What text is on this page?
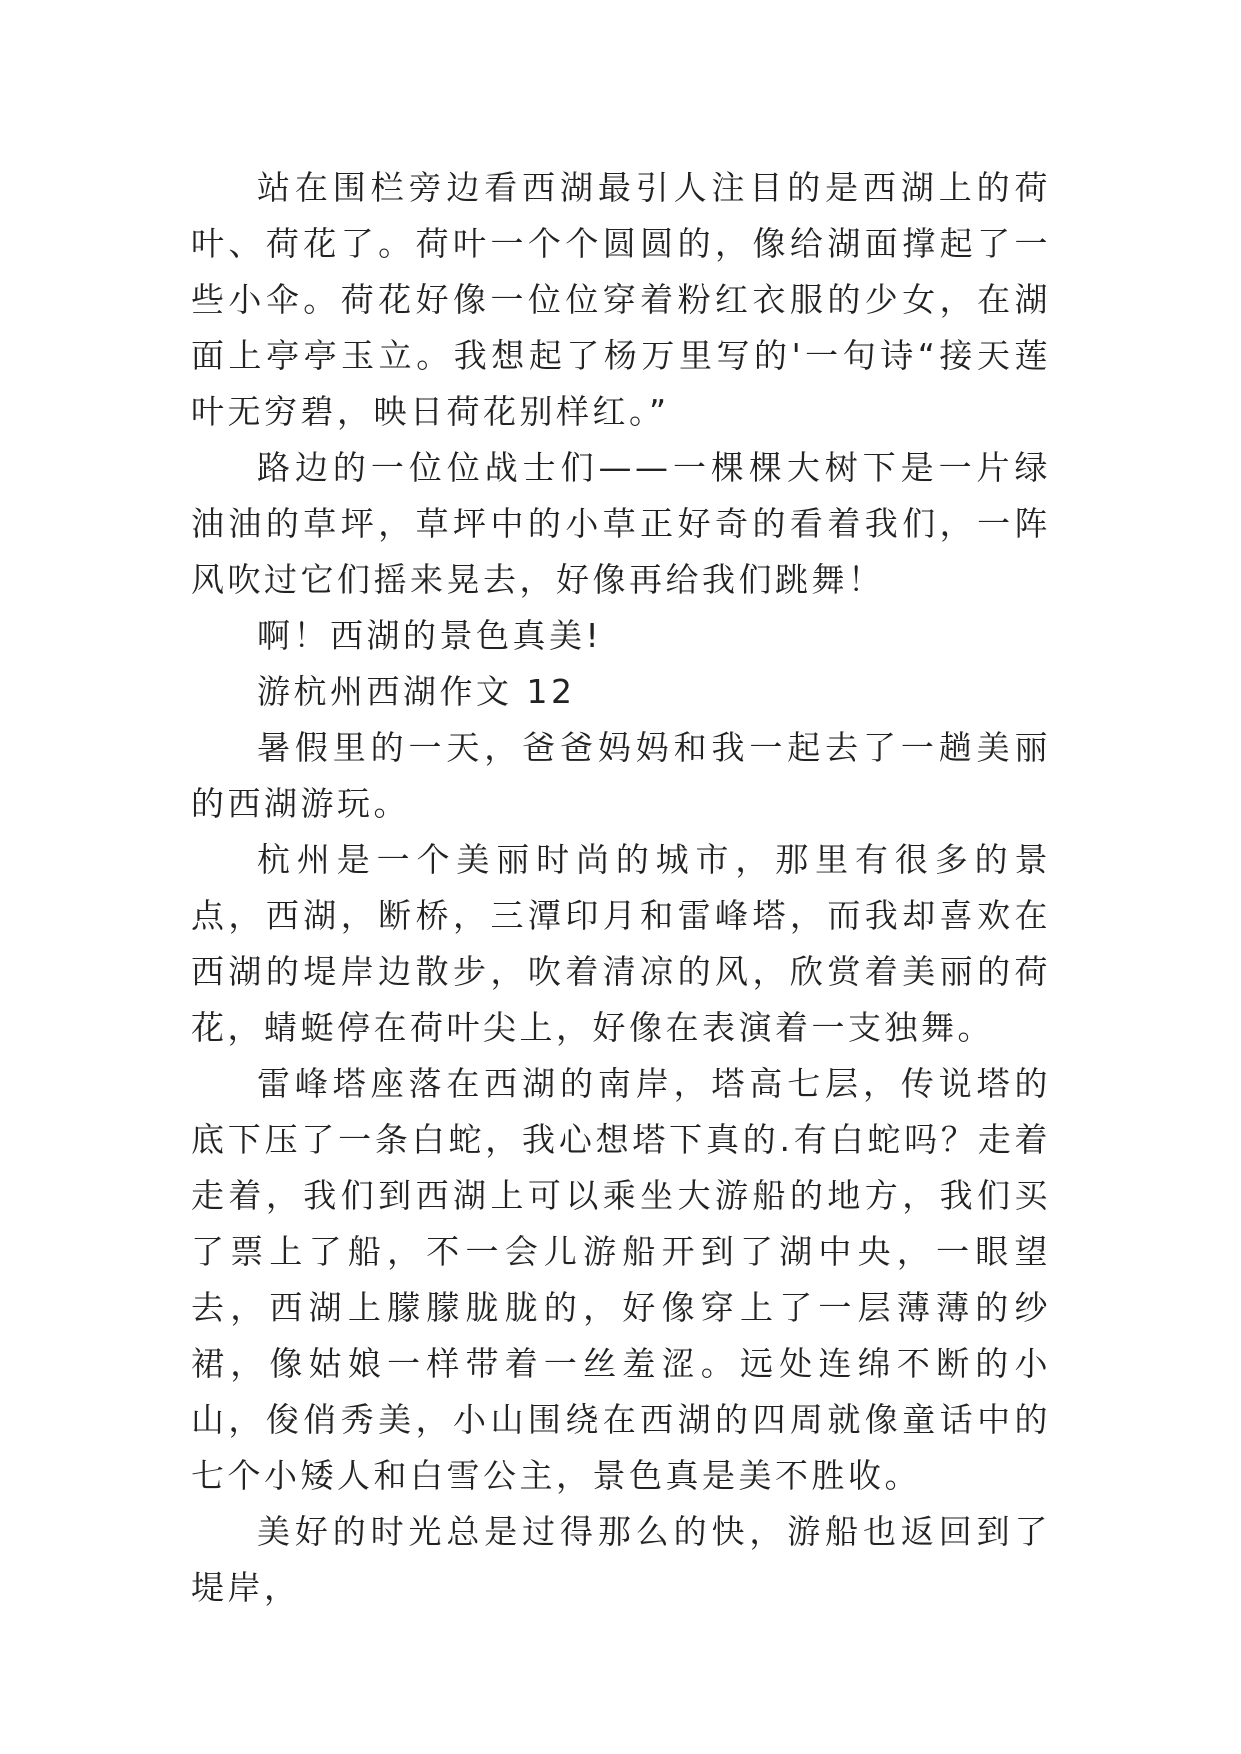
站在围栏旁边看西湖最引人注目的是西湖上的荷叶、荷花了。荷叶一个个圆圆的，像给湖面撑起了一些小伞。荷花好像一位位穿着粉红衣服的少女，在湖面上亭亭玉立。我想起了杨万里写的'一句诗“接天莲叶无穷碧，映日荷花别样红。”

路边的一位位战士们——一棵棵大树下是一片绿油油的草坪，草坪中的小草正好奇的看着我们，一阵风吹过它们摇来晃去，好像再给我们跳舞！

啊！西湖的景色真美!

游杭州西湖作文 12

暑假里的一天，爸爸妈妈和我一起去了一趟美丽的西湖游玩。

杭州是一个美丽时尚的城市，那里有很多的景点，西湖，断桥，三潭印月和雷峰塔，而我却喜欢在西湖的堤岸边散步，吹着清凉的风，欣赏着美丽的荷花，蜻蜓停在荷叶尖上，好像在表演着一支独舞。

雷峰塔座落在西湖的南岸，塔高七层，传说塔的底下压了一条白蛇，我心想塔下真的.有白蛇吗？走着走着，我们到西湖上可以乘坐大游船的地方，我们买了票上了船，不一会儿游船开到了湖中央，一眼望去，西湖上朦朦胧胧的，好像穿上了一层薄薄的纱裙，像姑娘一样带着一丝羞涩。远处连绵不断的小山，俊俏秀美，小山围绕在西湖的四周就像童话中的七个小矮人和白雪公主，景色真是美不胜收。

美好的时光总是过得那么的快，游船也返回到了堤岸，
